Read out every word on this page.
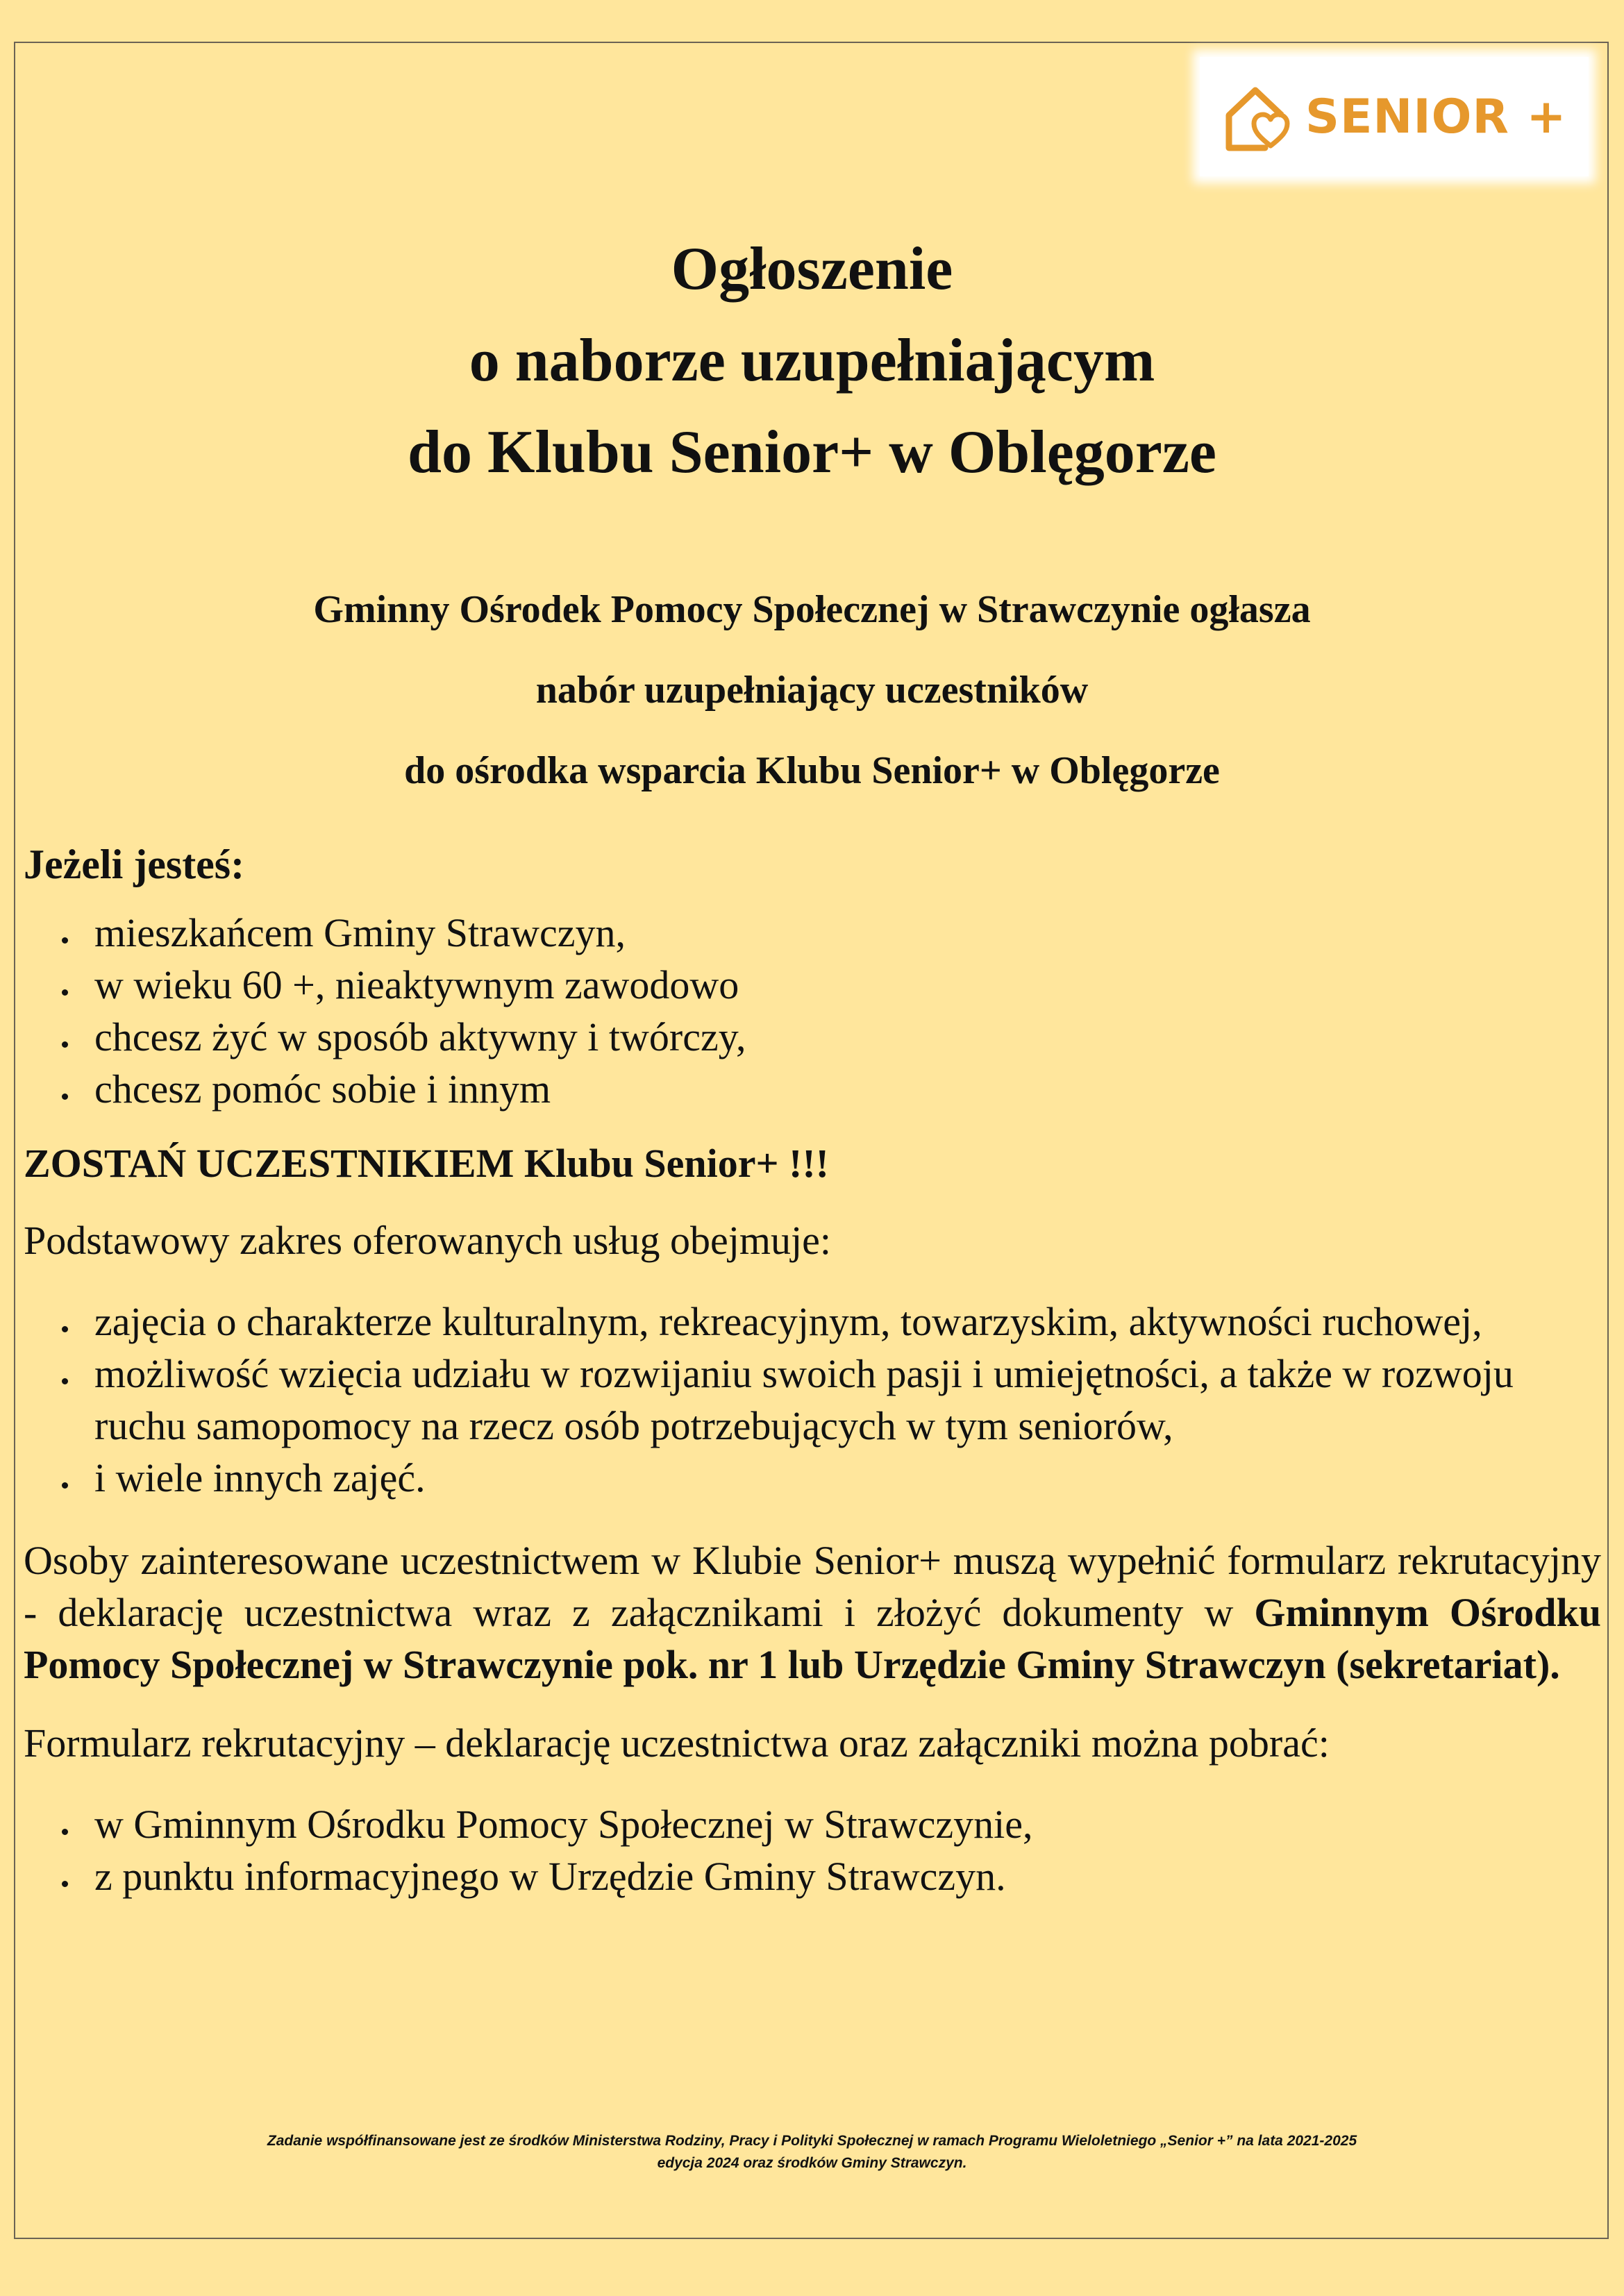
SENIOR +
Ogłoszenie
o naborze uzupełniającym
do Klubu Senior+ w Oblęgorze
Gminny Ośrodek Pomocy Społecznej w Strawczynie ogłasza
nabór uzupełniający uczestników
do ośrodka wsparcia Klubu Senior+ w Oblęgorze

Jeżeli jesteś:

mieszkańcem Gminy Strawczyn,
w wieku 60 +, nieaktywnym zawodowo
chcesz żyć w sposób aktywny i twórczy,
chcesz pomóc sobie i innym

ZOSTAŃ UCZESTNIKIEM Klubu Senior+ !!!

Podstawowy zakres oferowanych usług obejmuje:

zajęcia o charakterze kulturalnym, rekreacyjnym, towarzyskim, aktywności ruchowej,
możliwość wzięcia udziału w rozwijaniu swoich pasji i umiejętności, a także w rozwoju ruchu samopomocy na rzecz osób potrzebujących w tym seniorów,
i wiele innych zajęć.

Osoby zainteresowane uczestnictwem w Klubie Senior+ muszą wypełnić formularz rekrutacyjny - deklarację uczestnictwa wraz z załącznikami i złożyć dokumenty w Gminnym Ośrodku Pomocy Społecznej w Strawczynie pok. nr 1 lub Urzędzie Gminy Strawczyn (sekretariat).

Formularz rekrutacyjny – deklarację uczestnictwa oraz załączniki można pobrać:

w Gminnym Ośrodku Pomocy Społecznej w Strawczynie,
z punktu informacyjnego w Urzędzie Gminy Strawczyn.
Zadanie współfinansowane jest ze środków Ministerstwa Rodziny, Pracy i Polityki Społecznej w ramach Programu Wieloletniego „Senior +” na lata 2021-2025
edycja 2024 oraz środków Gminy Strawczyn.
